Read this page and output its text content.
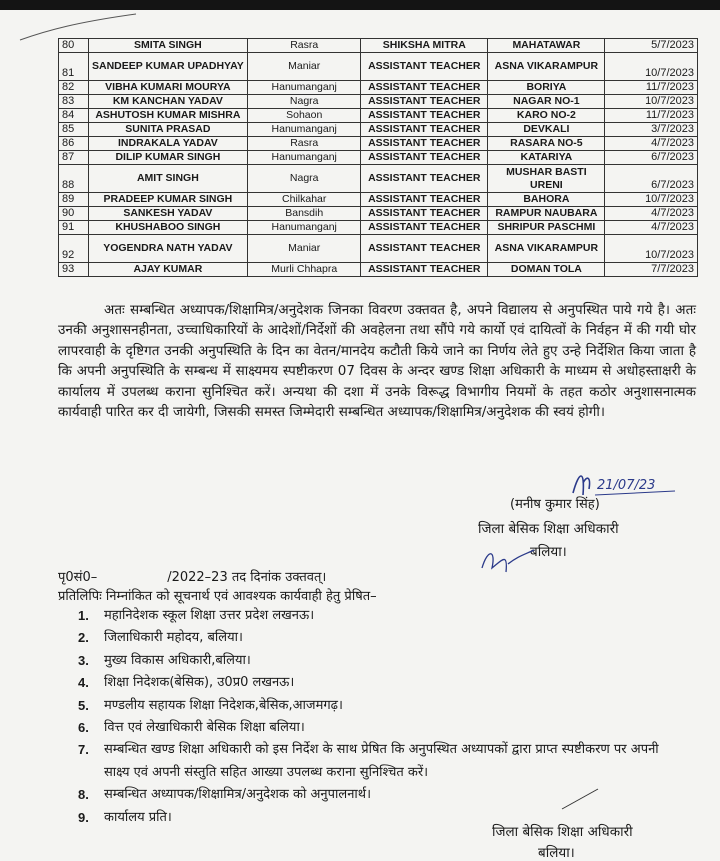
80	SMITA SINGH	Rasra	SHIKSHA MITRA	MAHATAWAR	5/7/2023
81	SANDEEP KUMAR UPADHYAY	Maniar	ASSISTANT TEACHER	ASNA VIKARAMPUR	10/7/2023
82	VIBHA KUMARI MOURYA	Hanumanganj	ASSISTANT TEACHER	BORIYA	11/7/2023
83	KM KANCHAN YADAV	Nagra	ASSISTANT TEACHER	NAGAR NO-1	10/7/2023
84	ASHUTOSH KUMAR MISHRA	Sohaon	ASSISTANT TEACHER	KARO NO-2	11/7/2023
85	SUNITA PRASAD	Hanumanganj	ASSISTANT TEACHER	DEVKALI	3/7/2023
86	INDRAKALA YADAV	Rasra	ASSISTANT TEACHER	RASARA NO-5	4/7/2023
87	DILIP KUMAR SINGH	Hanumanganj	ASSISTANT TEACHER	KATARIYA	6/7/2023
88	AMIT SINGH	Nagra	ASSISTANT TEACHER	MUSHAR BASTI URENI	6/7/2023
89	PRADEEP KUMAR SINGH	Chilkahar	ASSISTANT TEACHER	BAHORA	10/7/2023
90	SANKESH YADAV	Bansdih	ASSISTANT TEACHER	RAMPUR NAUBARA	4/7/2023
91	KHUSHABOO SINGH	Hanumanganj	ASSISTANT TEACHER	SHRIPUR PASCHMI	4/7/2023
92	YOGENDRA NATH YADAV	Maniar	ASSISTANT TEACHER	ASNA VIKARAMPUR	10/7/2023
93	AJAY KUMAR	Murli Chhapra	ASSISTANT TEACHER	DOMAN TOLA	7/7/2023
अतः सम्बन्धित अध्यापक/शिक्षामित्र/अनुदेशक जिनका विवरण उक्तवत है, अपने विद्यालय से अनुपस्थित पाये गये है। अतः उनकी अनुशासनहीनता, उच्चाधिकारियों के आदेशों/निर्देशों की अवहेलना तथा सौंपे गये कार्यो एवं दायित्वों के निर्वहन में की गयी घोर लापरवाही के दृष्टिगत उनकी अनुपस्थिति के दिन का वेतन/मानदेय कटौती किये जाने का निर्णय लेते हुए उन्हे निर्देशित किया जाता है कि अपनी अनुपस्थिति के सम्बन्ध में साक्ष्यमय स्पष्टीकरण 07 दिवस के अन्दर खण्ड शिक्षा अधिकारी के माध्यम से अधोहस्ताक्षरी के कार्यालय में उपलब्ध कराना सुनिश्चित करें। अन्यथा की दशा में उनके विरूद्ध विभागीय नियमों के तहत कठोर अनुशासनात्मक कार्यवाही पारित कर दी जायेगी, जिसकी समस्त जिम्मेदारी सम्बन्धित अध्यापक/शिक्षामित्र/अनुदेशक की स्वयं होगी।
21/07/23
(मनीष कुमार सिंह)
जिला बेसिक शिक्षा अधिकारी
बलिया।
पृ0सं0–	/2022–23 तद दिनांक उक्तवत्।
प्रतिलिपिः निम्नांकित को सूचनार्थ एवं आवश्यक कार्यवाही हेतु प्रेषित–
1. महानिदेशक स्कूल शिक्षा उत्तर प्रदेश लखनऊ।
2. जिलाधिकारी महोदय, बलिया।
3. मुख्य विकास अधिकारी,बलिया।
4. शिक्षा निदेशक(बेसिक), उ0प्र0 लखनऊ।
5. मण्डलीय सहायक शिक्षा निदेशक,बेसिक,आजमगढ़।
6. वित्त एवं लेखाधिकारी बेसिक शिक्षा बलिया।
7. सम्बन्धित खण्ड शिक्षा अधिकारी को इस निर्देश के साथ प्रेषित कि अनुपस्थित अध्यापकों द्वारा प्राप्त स्पष्टीकरण पर अपनी साक्ष्य एवं अपनी संस्तुति सहित आख्या उपलब्ध कराना सुनिश्चित करें।
8. सम्बन्धित अध्यापक/शिक्षामित्र/अनुदेशक को अनुपालनार्थ।
9. कार्यालय प्रति।
जिला बेसिक शिक्षा अधिकारी
बलिया।
